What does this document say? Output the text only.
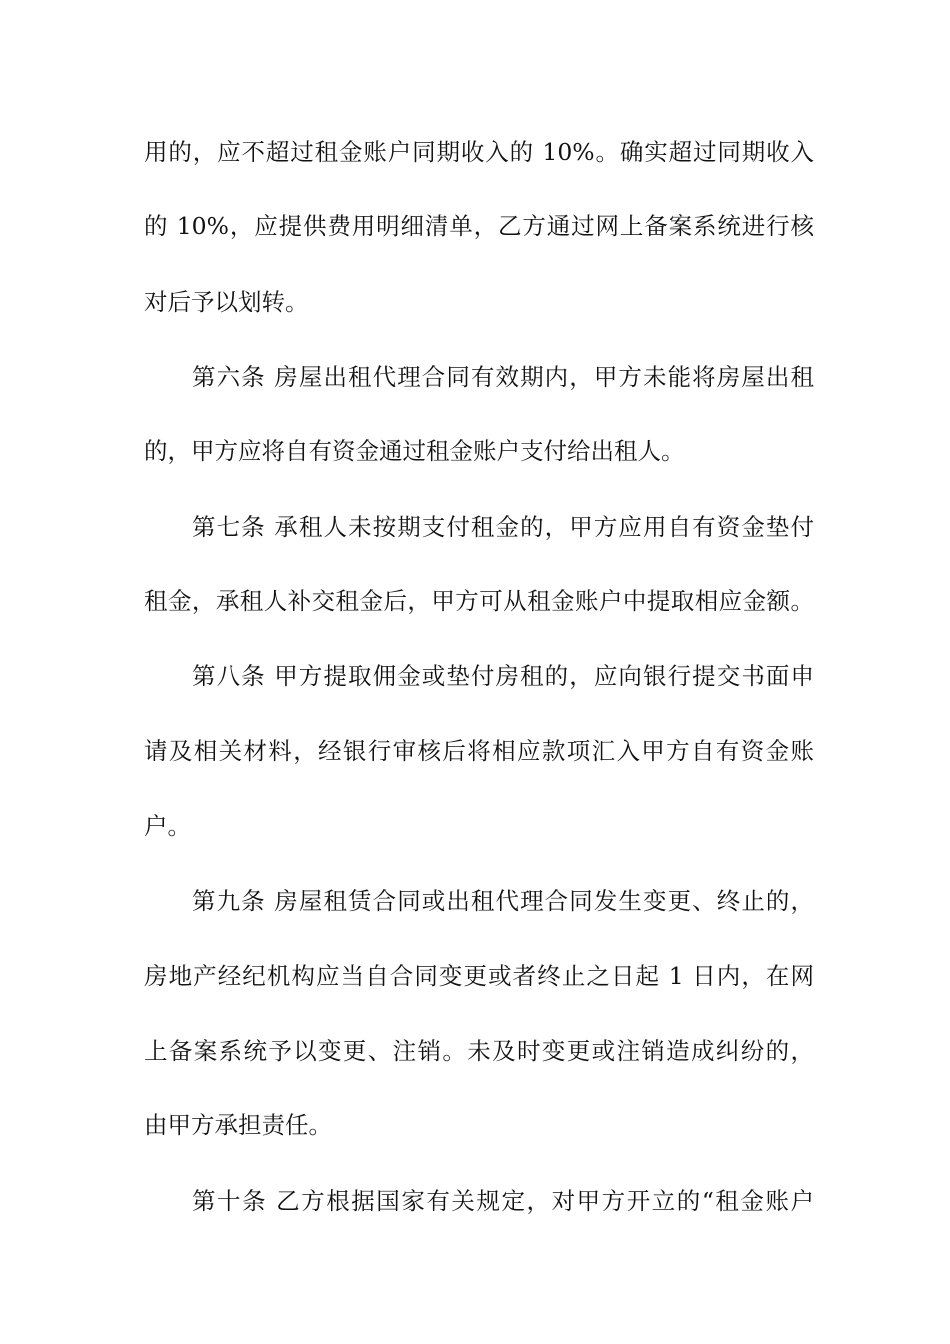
用的，应不超过租金账户同期收入的 10%。确实超过同期收入
的 10%，应提供费用明细清单，乙方通过网上备案系统进行核
对后予以划转。
第六条 房屋出租代理合同有效期内，甲方未能将房屋出租
的，甲方应将自有资金通过租金账户支付给出租人。
第七条 承租人未按期支付租金的，甲方应用自有资金垫付
租金，承租人补交租金后，甲方可从租金账户中提取相应金额。
第八条 甲方提取佣金或垫付房租的，应向银行提交书面申
请及相关材料，经银行审核后将相应款项汇入甲方自有资金账
户。
第九条 房屋租赁合同或出租代理合同发生变更、终止的，
房地产经纪机构应当自合同变更或者终止之日起 1 日内，在网
上备案系统予以变更、注销。未及时变更或注销造成纠纷的，
由甲方承担责任。
第十条 乙方根据国家有关规定，对甲方开立的“租金账户
